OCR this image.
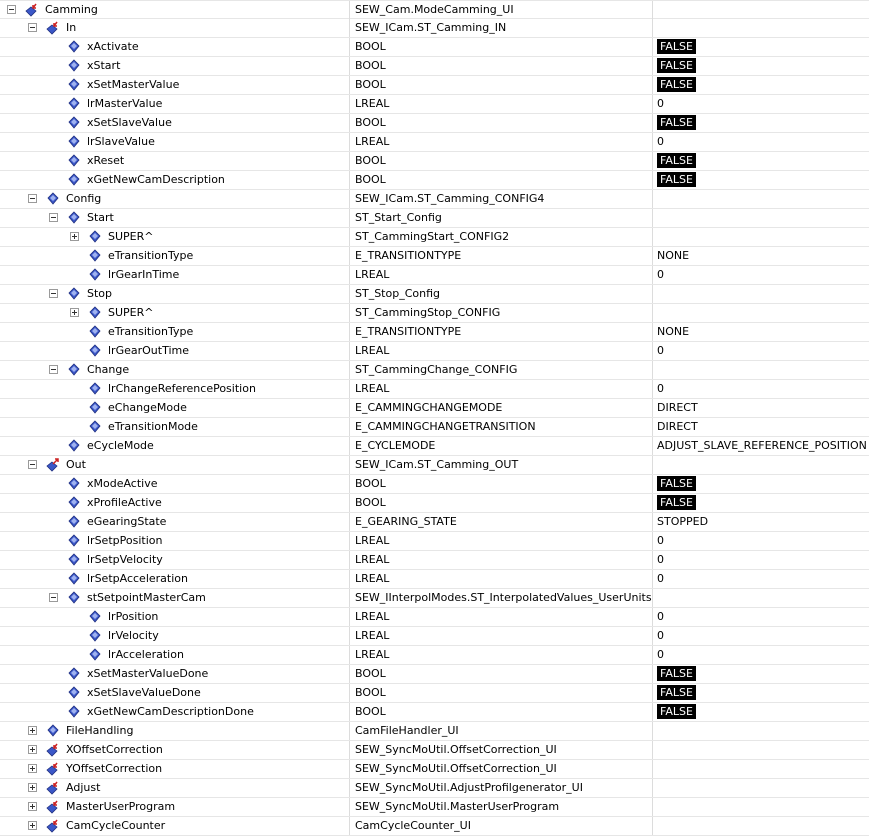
Camming	SEW_Cam.ModeCamming_UI
In	SEW_ICam.ST_Camming_IN
xActivate	BOOL	FALSE
xStart	BOOL	FALSE
xSetMasterValue	BOOL	FALSE
lrMasterValue	LREAL	0
xSetSlaveValue	BOOL	FALSE
lrSlaveValue	LREAL	0
xReset	BOOL	FALSE
xGetNewCamDescription	BOOL	FALSE
Config	SEW_ICam.ST_Camming_CONFIG4
Start	ST_Start_Config
SUPER^	ST_CammingStart_CONFIG2
eTransitionType	E_TRANSITIONTYPE	NONE
lrGearInTime	LREAL	0
Stop	ST_Stop_Config
SUPER^	ST_CammingStop_CONFIG
eTransitionType	E_TRANSITIONTYPE	NONE
lrGearOutTime	LREAL	0
Change	ST_CammingChange_CONFIG
lrChangeReferencePosition	LREAL	0
eChangeMode	E_CAMMINGCHANGEMODE	DIRECT
eTransitionMode	E_CAMMINGCHANGETRANSITION	DIRECT
eCycleMode	E_CYCLEMODE	ADJUST_SLAVE_REFERENCE_POSITION
Out	SEW_ICam.ST_Camming_OUT
xModeActive	BOOL	FALSE
xProfileActive	BOOL	FALSE
eGearingState	E_GEARING_STATE	STOPPED
lrSetpPosition	LREAL	0
lrSetpVelocity	LREAL	0
lrSetpAcceleration	LREAL	0
stSetpointMasterCam	SEW_IInterpolModes.ST_InterpolatedValues_UserUnits
lrPosition	LREAL	0
lrVelocity	LREAL	0
lrAcceleration	LREAL	0
xSetMasterValueDone	BOOL	FALSE
xSetSlaveValueDone	BOOL	FALSE
xGetNewCamDescriptionDone	BOOL	FALSE
FileHandling	CamFileHandler_UI
XOffsetCorrection	SEW_SyncMoUtil.OffsetCorrection_UI
YOffsetCorrection	SEW_SyncMoUtil.OffsetCorrection_UI
Adjust	SEW_SyncMoUtil.AdjustProfilgenerator_UI
MasterUserProgram	SEW_SyncMoUtil.MasterUserProgram
CamCycleCounter	CamCycleCounter_UI
